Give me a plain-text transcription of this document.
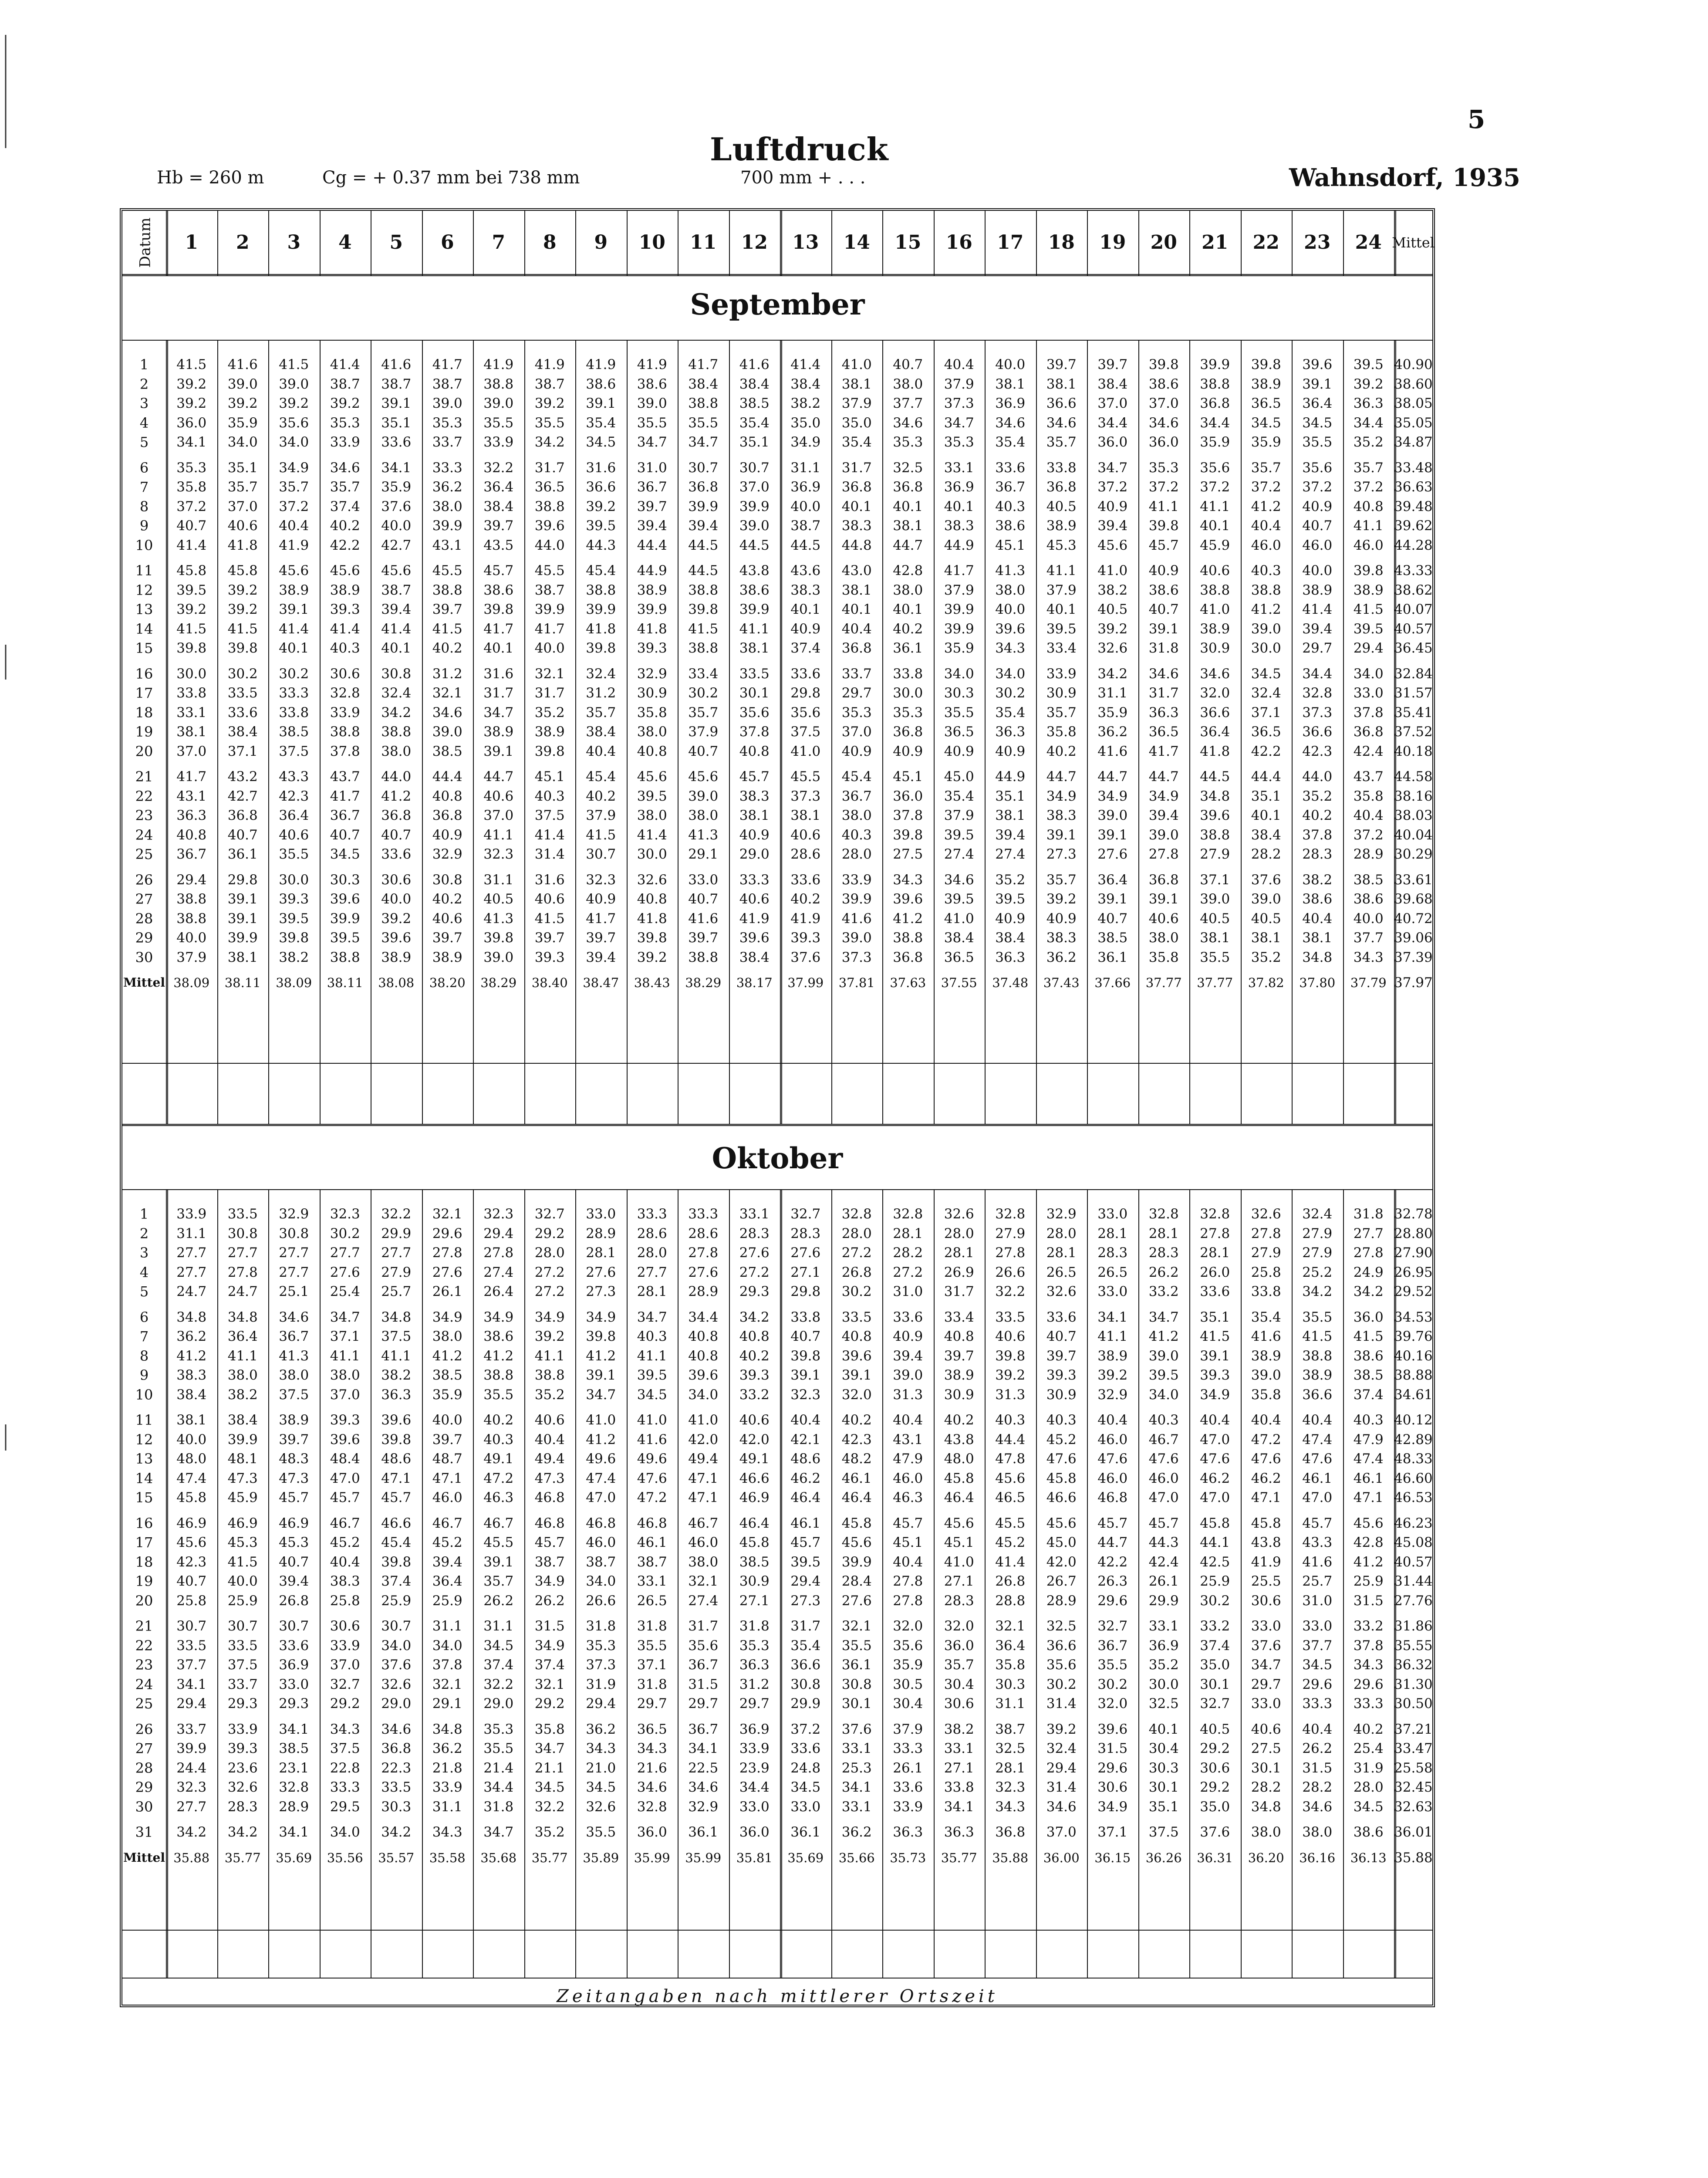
5
Luftdruck
Hb = 260 m	Cg = + 0.37 mm bei 738 mm	700 mm + . . .	Wahnsdorf, 1935
Datum	1	2	3	4	5	6	7	8	9	10	11	12	13	14	15	16	17	18	19	20	21	22	23	24 Mittel
September
1	41.5	41.6	41.5	41.4	41.6	41.7	41.9	41.9	41.9	41.9	41.7	41.6	41.4	41.0	40.7	40.4	40.0	39.7	39.7	39.8	39.9	39.8	39.6	39.5 40.90
2	39.2	39.0	39.0	38.7	38.7	38.7	38.8	38.7	38.6	38.6	38.4	38.4	38.4	38.1	38.0	37.9	38.1	38.1	38.4	38.6	38.8	38.9	39.1	39.2 38.60
3	39.2	39.2	39.2	39.2	39.1	39.0	39.0	39.2	39.1	39.0	38.8	38.5	38.2	37.9	37.7	37.3	36.9	36.6	37.0	37.0	36.8	36.5	36.4	36.3 38.05
4	36.0	35.9	35.6	35.3	35.1	35.3	35.5	35.5	35.4	35.5	35.5	35.4	35.0	35.0	34.6	34.7	34.6	34.6	34.4	34.6	34.4	34.5	34.5	34.4 35.05
5	34.1	34.0	34.0	33.9	33.6	33.7	33.9	34.2	34.5	34.7	34.7	35.1	34.9	35.4	35.3	35.3	35.4	35.7	36.0	36.0	35.9	35.9	35.5	35.2 34.87
6	35.3	35.1	34.9	34.6	34.1	33.3	32.2	31.7	31.6	31.0	30.7	30.7	31.1	31.7	32.5	33.1	33.6	33.8	34.7	35.3	35.6	35.7	35.6	35.7 33.48
7	35.8	35.7	35.7	35.7	35.9	36.2	36.4	36.5	36.6	36.7	36.8	37.0	36.9	36.8	36.8	36.9	36.7	36.8	37.2	37.2	37.2	37.2	37.2	37.2 36.63
8	37.2	37.0	37.2	37.4	37.6	38.0	38.4	38.8	39.2	39.7	39.9	39.9	40.0	40.1	40.1	40.1	40.3	40.5	40.9	41.1	41.1	41.2	40.9	40.8 39.48
9	40.7	40.6	40.4	40.2	40.0	39.9	39.7	39.6	39.5	39.4	39.4	39.0	38.7	38.3	38.1	38.3	38.6	38.9	39.4	39.8	40.1	40.4	40.7	41.1 39.62
10	41.4	41.8	41.9	42.2	42.7	43.1	43.5	44.0	44.3	44.4	44.5	44.5	44.5	44.8	44.7	44.9	45.1	45.3	45.6	45.7	45.9	46.0	46.0	46.0 44.28
11	45.8	45.8	45.6	45.6	45.6	45.5	45.7	45.5	45.4	44.9	44.5	43.8	43.6	43.0	42.8	41.7	41.3	41.1	41.0	40.9	40.6	40.3	40.0	39.8 43.33
12	39.5	39.2	38.9	38.9	38.7	38.8	38.6	38.7	38.8	38.9	38.8	38.6	38.3	38.1	38.0	37.9	38.0	37.9	38.2	38.6	38.8	38.8	38.9	38.9 38.62
13	39.2	39.2	39.1	39.3	39.4	39.7	39.8	39.9	39.9	39.9	39.8	39.9	40.1	40.1	40.1	39.9	40.0	40.1	40.5	40.7	41.0	41.2	41.4	41.5 40.07
14	41.5	41.5	41.4	41.4	41.4	41.5	41.7	41.7	41.8	41.8	41.5	41.1	40.9	40.4	40.2	39.9	39.6	39.5	39.2	39.1	38.9	39.0	39.4	39.5 40.57
15	39.8	39.8	40.1	40.3	40.1	40.2	40.1	40.0	39.8	39.3	38.8	38.1	37.4	36.8	36.1	35.9	34.3	33.4	32.6	31.8	30.9	30.0	29.7	29.4 36.45
16	30.0	30.2	30.2	30.6	30.8	31.2	31.6	32.1	32.4	32.9	33.4	33.5	33.6	33.7	33.8	34.0	34.0	33.9	34.2	34.6	34.6	34.5	34.4	34.0 32.84
17	33.8	33.5	33.3	32.8	32.4	32.1	31.7	31.7	31.2	30.9	30.2	30.1	29.8	29.7	30.0	30.3	30.2	30.9	31.1	31.7	32.0	32.4	32.8	33.0 31.57
18	33.1	33.6	33.8	33.9	34.2	34.6	34.7	35.2	35.7	35.8	35.7	35.6	35.6	35.3	35.3	35.5	35.4	35.7	35.9	36.3	36.6	37.1	37.3	37.8 35.41
19	38.1	38.4	38.5	38.8	38.8	39.0	38.9	38.9	38.4	38.0	37.9	37.8	37.5	37.0	36.8	36.5	36.3	35.8	36.2	36.5	36.4	36.5	36.6	36.8 37.52
20	37.0	37.1	37.5	37.8	38.0	38.5	39.1	39.8	40.4	40.8	40.7	40.8	41.0	40.9	40.9	40.9	40.9	40.2	41.6	41.7	41.8	42.2	42.3	42.4 40.18
21	41.7	43.2	43.3	43.7	44.0	44.4	44.7	45.1	45.4	45.6	45.6	45.7	45.5	45.4	45.1	45.0	44.9	44.7	44.7	44.7	44.5	44.4	44.0	43.7 44.58
22	43.1	42.7	42.3	41.7	41.2	40.8	40.6	40.3	40.2	39.5	39.0	38.3	37.3	36.7	36.0	35.4	35.1	34.9	34.9	34.9	34.8	35.1	35.2	35.8 38.16
23	36.3	36.8	36.4	36.7	36.8	36.8	37.0	37.5	37.9	38.0	38.0	38.1	38.1	38.0	37.8	37.9	38.1	38.3	39.0	39.4	39.6	40.1	40.2	40.4 38.03
24	40.8	40.7	40.6	40.7	40.7	40.9	41.1	41.4	41.5	41.4	41.3	40.9	40.6	40.3	39.8	39.5	39.4	39.1	39.1	39.0	38.8	38.4	37.8	37.2 40.04
25	36.7	36.1	35.5	34.5	33.6	32.9	32.3	31.4	30.7	30.0	29.1	29.0	28.6	28.0	27.5	27.4	27.4	27.3	27.6	27.8	27.9	28.2	28.3	28.9 30.29
26	29.4	29.8	30.0	30.3	30.6	30.8	31.1	31.6	32.3	32.6	33.0	33.3	33.6	33.9	34.3	34.6	35.2	35.7	36.4	36.8	37.1	37.6	38.2	38.5 33.61
27	38.8	39.1	39.3	39.6	40.0	40.2	40.5	40.6	40.9	40.8	40.7	40.6	40.2	39.9	39.6	39.5	39.5	39.2	39.1	39.1	39.0	39.0	38.6	38.6 39.68
28	38.8	39.1	39.5	39.9	39.2	40.6	41.3	41.5	41.7	41.8	41.6	41.9	41.9	41.6	41.2	41.0	40.9	40.9	40.7	40.6	40.5	40.5	40.4	40.0 40.72
29	40.0	39.9	39.8	39.5	39.6	39.7	39.8	39.7	39.7	39.8	39.7	39.6	39.3	39.0	38.8	38.4	38.4	38.3	38.5	38.0	38.1	38.1	38.1	37.7 39.06
30	37.9	38.1	38.2	38.8	38.9	38.9	39.0	39.3	39.4	39.2	38.8	38.4	37.6	37.3	36.8	36.5	36.3	36.2	36.1	35.8	35.5	35.2	34.8	34.3 37.39
Mittel 38.09	38.11	38.09	38.11	38.08	38.20	38.29	38.40	38.47	38.43	38.29	38.17	37.99	37.81	37.63	37.55	37.48	37.43	37.66	37.77	37.77	37.82	37.80	37.79 37.97
Oktober
1	33.9	33.5	32.9	32.3	32.2	32.1	32.3	32.7	33.0	33.3	33.3	33.1	32.7	32.8	32.8	32.6	32.8	32.9	33.0	32.8	32.8	32.6	32.4	31.8 32.78
2	31.1	30.8	30.8	30.2	29.9	29.6	29.4	29.2	28.9	28.6	28.6	28.3	28.3	28.0	28.1	28.0	27.9	28.0	28.1	28.1	27.8	27.8	27.9	27.7 28.80
3	27.7	27.7	27.7	27.7	27.7	27.8	27.8	28.0	28.1	28.0	27.8	27.6	27.6	27.2	28.2	28.1	27.8	28.1	28.3	28.3	28.1	27.9	27.9	27.8 27.90
4	27.7	27.8	27.7	27.6	27.9	27.6	27.4	27.2	27.6	27.7	27.6	27.2	27.1	26.8	27.2	26.9	26.6	26.5	26.5	26.2	26.0	25.8	25.2	24.9 26.95
5	24.7	24.7	25.1	25.4	25.7	26.1	26.4	27.2	27.3	28.1	28.9	29.3	29.8	30.2	31.0	31.7	32.2	32.6	33.0	33.2	33.6	33.8	34.2	34.2 29.52
6	34.8	34.8	34.6	34.7	34.8	34.9	34.9	34.9	34.9	34.7	34.4	34.2	33.8	33.5	33.6	33.4	33.5	33.6	34.1	34.7	35.1	35.4	35.5	36.0 34.53
7	36.2	36.4	36.7	37.1	37.5	38.0	38.6	39.2	39.8	40.3	40.8	40.8	40.7	40.8	40.9	40.8	40.6	40.7	41.1	41.2	41.5	41.6	41.5	41.5 39.76
8	41.2	41.1	41.3	41.1	41.1	41.2	41.2	41.1	41.2	41.1	40.8	40.2	39.8	39.6	39.4	39.7	39.8	39.7	38.9	39.0	39.1	38.9	38.8	38.6 40.16
9	38.3	38.0	38.0	38.0	38.2	38.5	38.8	38.8	39.1	39.5	39.6	39.3	39.1	39.1	39.0	38.9	39.2	39.3	39.2	39.5	39.3	39.0	38.9	38.5 38.88
10	38.4	38.2	37.5	37.0	36.3	35.9	35.5	35.2	34.7	34.5	34.0	33.2	32.3	32.0	31.3	30.9	31.3	30.9	32.9	34.0	34.9	35.8	36.6	37.4 34.61
11	38.1	38.4	38.9	39.3	39.6	40.0	40.2	40.6	41.0	41.0	41.0	40.6	40.4	40.2	40.4	40.2	40.3	40.3	40.4	40.3	40.4	40.4	40.4	40.3 40.12
12	40.0	39.9	39.7	39.6	39.8	39.7	40.3	40.4	41.2	41.6	42.0	42.0	42.1	42.3	43.1	43.8	44.4	45.2	46.0	46.7	47.0	47.2	47.4	47.9 42.89
13	48.0	48.1	48.3	48.4	48.6	48.7	49.1	49.4	49.6	49.6	49.4	49.1	48.6	48.2	47.9	48.0	47.8	47.6	47.6	47.6	47.6	47.6	47.6	47.4 48.33
14	47.4	47.3	47.3	47.0	47.1	47.1	47.2	47.3	47.4	47.6	47.1	46.6	46.2	46.1	46.0	45.8	45.6	45.8	46.0	46.0	46.2	46.2	46.1	46.1 46.60
15	45.8	45.9	45.7	45.7	45.7	46.0	46.3	46.8	47.0	47.2	47.1	46.9	46.4	46.4	46.3	46.4	46.5	46.6	46.8	47.0	47.0	47.1	47.0	47.1 46.53
16	46.9	46.9	46.9	46.7	46.6	46.7	46.7	46.8	46.8	46.8	46.7	46.4	46.1	45.8	45.7	45.6	45.5	45.6	45.7	45.7	45.8	45.8	45.7	45.6 46.23
17	45.6	45.3	45.3	45.2	45.4	45.2	45.5	45.7	46.0	46.1	46.0	45.8	45.7	45.6	45.1	45.1	45.2	45.0	44.7	44.3	44.1	43.8	43.3	42.8 45.08
18	42.3	41.5	40.7	40.4	39.8	39.4	39.1	38.7	38.7	38.7	38.0	38.5	39.5	39.9	40.4	41.0	41.4	42.0	42.2	42.4	42.5	41.9	41.6	41.2 40.57
19	40.7	40.0	39.4	38.3	37.4	36.4	35.7	34.9	34.0	33.1	32.1	30.9	29.4	28.4	27.8	27.1	26.8	26.7	26.3	26.1	25.9	25.5	25.7	25.9 31.44
20	25.8	25.9	26.8	25.8	25.9	25.9	26.2	26.2	26.6	26.5	27.4	27.1	27.3	27.6	27.8	28.3	28.8	28.9	29.6	29.9	30.2	30.6	31.0	31.5 27.76
21	30.7	30.7	30.7	30.6	30.7	31.1	31.1	31.5	31.8	31.8	31.7	31.8	31.7	32.1	32.0	32.0	32.1	32.5	32.7	33.1	33.2	33.0	33.0	33.2 31.86
22	33.5	33.5	33.6	33.9	34.0	34.0	34.5	34.9	35.3	35.5	35.6	35.3	35.4	35.5	35.6	36.0	36.4	36.6	36.7	36.9	37.4	37.6	37.7	37.8 35.55
23	37.7	37.5	36.9	37.0	37.6	37.8	37.4	37.4	37.3	37.1	36.7	36.3	36.6	36.1	35.9	35.7	35.8	35.6	35.5	35.2	35.0	34.7	34.5	34.3 36.32
24	34.1	33.7	33.0	32.7	32.6	32.1	32.2	32.1	31.9	31.8	31.5	31.2	30.8	30.8	30.5	30.4	30.3	30.2	30.2	30.0	30.1	29.7	29.6	29.6 31.30
25	29.4	29.3	29.3	29.2	29.0	29.1	29.0	29.2	29.4	29.7	29.7	29.7	29.9	30.1	30.4	30.6	31.1	31.4	32.0	32.5	32.7	33.0	33.3	33.3 30.50
26	33.7	33.9	34.1	34.3	34.6	34.8	35.3	35.8	36.2	36.5	36.7	36.9	37.2	37.6	37.9	38.2	38.7	39.2	39.6	40.1	40.5	40.6	40.4	40.2 37.21
27	39.9	39.3	38.5	37.5	36.8	36.2	35.5	34.7	34.3	34.3	34.1	33.9	33.6	33.1	33.3	33.1	32.5	32.4	31.5	30.4	29.2	27.5	26.2	25.4 33.47
28	24.4	23.6	23.1	22.8	22.3	21.8	21.4	21.1	21.0	21.6	22.5	23.9	24.8	25.3	26.1	27.1	28.1	29.4	29.6	30.3	30.6	30.1	31.5	31.9 25.58
29	32.3	32.6	32.8	33.3	33.5	33.9	34.4	34.5	34.5	34.6	34.6	34.4	34.5	34.1	33.6	33.8	32.3	31.4	30.6	30.1	29.2	28.2	28.2	28.0 32.45
30	27.7	28.3	28.9	29.5	30.3	31.1	31.8	32.2	32.6	32.8	32.9	33.0	33.0	33.1	33.9	34.1	34.3	34.6	34.9	35.1	35.0	34.8	34.6	34.5 32.63
31	34.2	34.2	34.1	34.0	34.2	34.3	34.7	35.2	35.5	36.0	36.1	36.0	36.1	36.2	36.3	36.3	36.8	37.0	37.1	37.5	37.6	38.0	38.0	38.6 36.01
Mittel 35.88	35.77	35.69	35.56	35.57	35.58	35.68	35.77	35.89	35.99	35.99	35.81	35.69	35.66	35.73	35.77	35.88	36.00	36.15	36.26	36.31	36.20	36.16	36.13 35.88
Zeitangaben nach mittlerer Ortszeit
